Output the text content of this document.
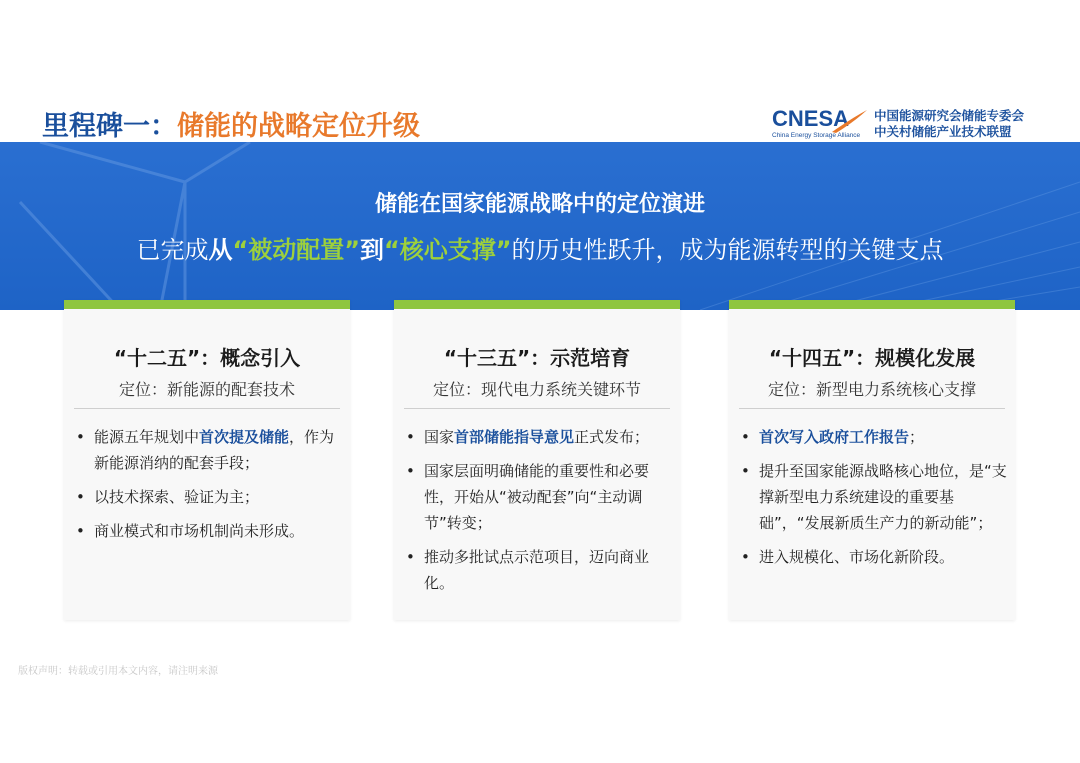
里程碑一：储能的战略定位升级	CNESA
China Energy Storage Alliance
中国能源研究会储能专委会
中关村储能产业技术联盟
储能在国家能源战略中的定位演进
已完成从“被动配置”到“核心支撑”的历史性跃升，成为能源转型的关键支点
“十二五”：概念引入
定位：新能源的配套技术
• 能源五年规划中首次提及储能，作为新能源消纳的配套手段；
• 以技术探索、验证为主；
• 商业模式和市场机制尚未形成。
“十三五”：示范培育
定位：现代电力系统关键环节
• 国家首部储能指导意见正式发布；
• 国家层面明确储能的重要性和必要性，开始从“被动配套”向“主动调节”转变；
• 推动多批试点示范项目，迈向商业化。
“十四五”：规模化发展
定位：新型电力系统核心支撑
• 首次写入政府工作报告；
• 提升至国家能源战略核心地位，是“支撑新型电力系统建设的重要基础”，“发展新质生产力的新动能”；
• 进入规模化、市场化新阶段。
版权声明：转载或引用本文内容，请注明来源
